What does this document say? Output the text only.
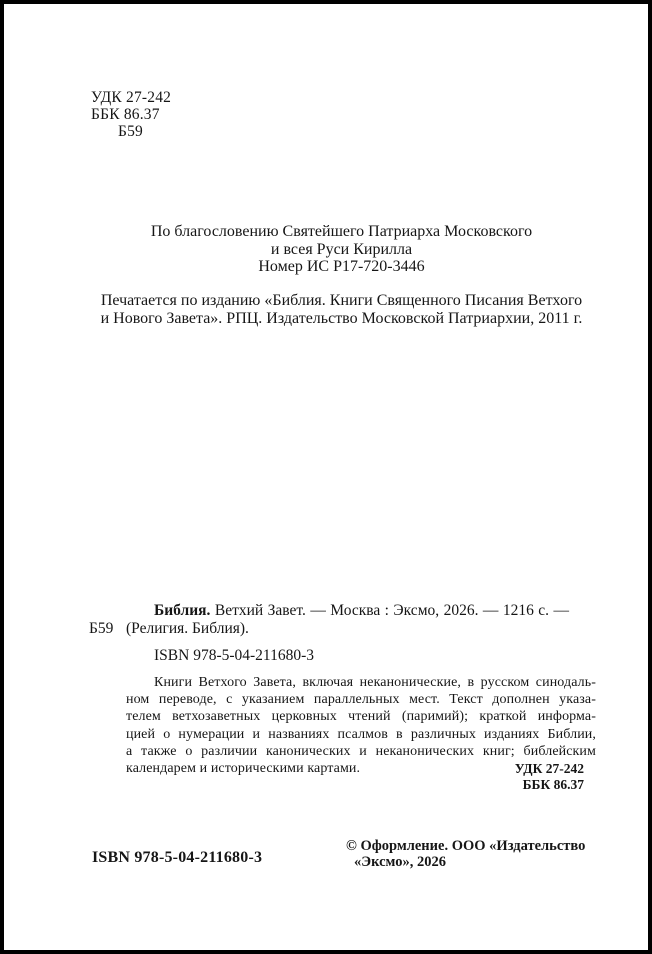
УДК 27-242
ББК 86.37
Б59
По благословению Святейшего Патриарха Московского
и всея Руси Кирилла
Номер ИС Р17-720-3446
Печатается по изданию «Библия. Книги Священного Писания Ветхого
и Нового Завета». РПЦ. Издательство Московской Патриархии, 2011 г.
Библия. Ветхий Завет. — Москва : Эксмо, 2026. — 1216 с. —
(Религия. Библия).
Б59
ISBN 978-5-04-211680-3
Книги Ветхого Завета, включая неканонические, в русском синодаль-
ном переводе, с указанием параллельных мест. Текст дополнен указа-
телем ветхозаветных церковных чтений (паримий); краткой информа-
цией о нумерации и названиях псалмов в различных изданиях Библии,
а также о различии канонических и неканонических книг; библейским
календарем и историческими картами.	УДК 27-242
ББК 86.37
ISBN 978-5-04-211680-3
© Оформление. ООО «Издательство
«Эксмо», 2026
